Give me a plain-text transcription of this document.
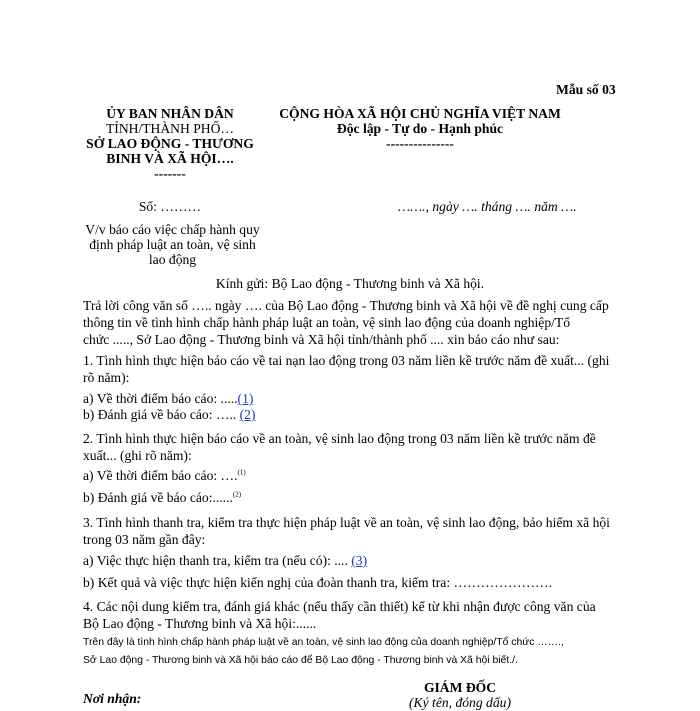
Mẫu số 03
ỦY BAN NHÂN DÂN
TỈNH/THÀNH PHỐ…
SỞ LAO ĐỘNG - THƯƠNG
BINH VÀ XÃ HỘI….
-------
CỘNG HÒA XÃ HỘI CHỦ NGHĨA VIỆT NAM
Độc lập - Tự do - Hạnh phúc
---------------
Số: ………	……., ngày …. tháng …. năm ….
V/v báo cáo việc chấp hành quy
định pháp luật an toàn, vệ sinh
lao động
Kính gửi: Bộ Lao động - Thương binh và Xã hội.
Trả lời công văn số ….. ngày …. của Bộ Lao động - Thương binh và Xã hội về đề nghị cung cấp
thông tin về tình hình chấp hành pháp luật an toàn, vệ sinh lao động của doanh nghiệp/Tổ
chức ....., Sở Lao động - Thương binh và Xã hội tỉnh/thành phố .... xin báo cáo như sau:
1. Tình hình thực hiện báo cáo về tai nạn lao động trong 03 năm liền kề trước năm đề xuất... (ghi
rõ năm):
a) Về thời điểm báo cáo: .....(1)
b) Đánh giá về báo cáo: ….. (2)
2. Tình hình thực hiện báo cáo về an toàn, vệ sinh lao động trong 03 năm liền kề trước năm đề
xuất... (ghi rõ năm):
a) Về thời điểm báo cáo: ….$^{(1)}$
b) Đánh giá về báo cáo:......$^{(2)}$
3. Tình hình thanh tra, kiểm tra thực hiện pháp luật về an toàn, vệ sinh lao động, bảo hiểm xã hội
trong 03 năm gần đây:
a) Việc thực hiện thanh tra, kiểm tra (nếu có): .... (3)
b) Kết quả và việc thực hiện kiến nghị của đoàn thanh tra, kiểm tra: ………………….
4. Các nội dung kiểm tra, đánh giá khác (nếu thấy cần thiết) kể từ khi nhận được công văn của
Bộ Lao động - Thương binh và Xã hội:......
Trên đây là tình hình chấp hành pháp luật về an toàn, vệ sinh lao động của doanh nghiệp/Tổ chức …….,
Sở Lao động - Thương binh và Xã hội báo cáo để Bộ Lao động - Thương binh và Xã hội biết./.
Nơi nhận:
GIÁM ĐỐC
(Ký tên, đóng dấu)
